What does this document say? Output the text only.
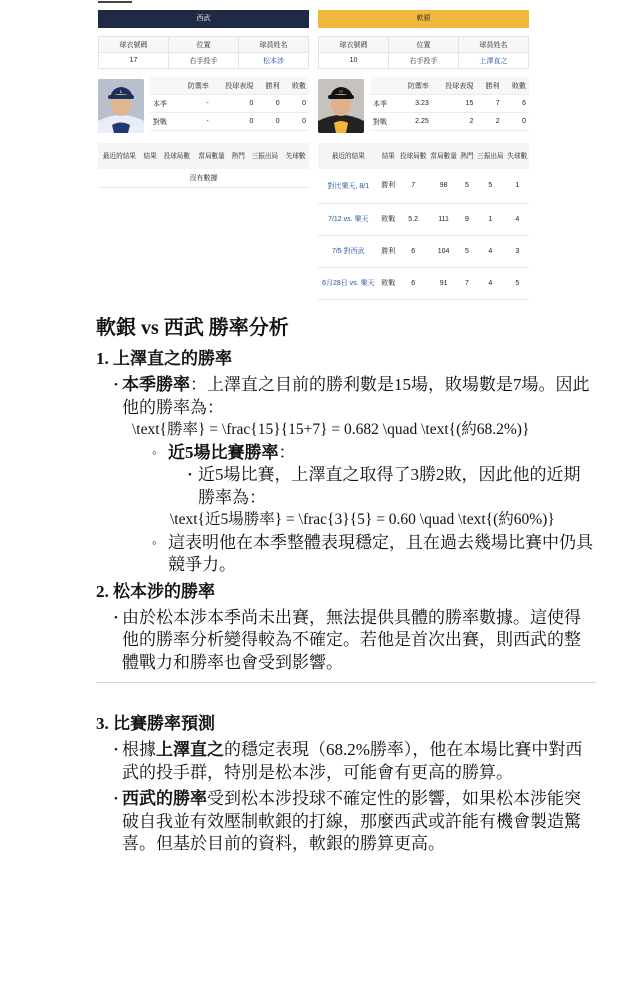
西武
球衣號碼	位置	球員姓名
17	右手投手	松本涉
L
	防禦率	投球表現	勝利	敗數
本季	-	0	0	0
對戰	-	0	0	0
最近的結果	結果	投球局數	當局數量	熱門	三振出局	失球數
沒有數據
軟銀
球衣號碼	位置	球員姓名
10	右手投手	上澤直之
H
	防禦率	投球表現	勝利	敗數
本季	3.23	15	7	6
對戰	2.25	2	2	0
最近的結果	結果	投球局數	當局數量	熱門	三振出局	失球數
對比樂天, 8/1	勝利	7	98	5	5	1
7/12 vs. 樂天	敗戰	5.2	111	9	1	4
7/5 對西武	勝利	6	104	5	4	3
6月28日 vs. 樂天	敗戰	6	91	7	4	5
軟銀 vs 西武 勝率分析
1. 上澤直之的勝率
• 本季勝率：上澤直之目前的勝利數是15場，敗場數是7場。因此他的勝率為：
\text{勝率} = \frac{15}{15+7} = 0.682 \quad \text{(約68.2%)}
◦ 近5場比賽勝率：
• 近5場比賽，上澤直之取得了3勝2敗，因此他的近期勝率為：
\text{近5場勝率} = \frac{3}{5} = 0.60 \quad \text{(約60%)}
◦ 這表明他在本季整體表現穩定，且在過去幾場比賽中仍具競爭力。
2. 松本涉的勝率
• 由於松本涉本季尚未出賽，無法提供具體的勝率數據。這使得他的勝率分析變得較為不確定。若他是首次出賽，則西武的整體戰力和勝率也會受到影響。
3. 比賽勝率預測
• 根據上澤直之的穩定表現（68.2%勝率），他在本場比賽中對西武的投手群，特別是松本涉，可能會有更高的勝算。
• 西武的勝率受到松本涉投球不確定性的影響，如果松本涉能突破自我並有效壓制軟銀的打線，那麼西武或許能有機會製造驚喜。但基於目前的資料，軟銀的勝算更高。
